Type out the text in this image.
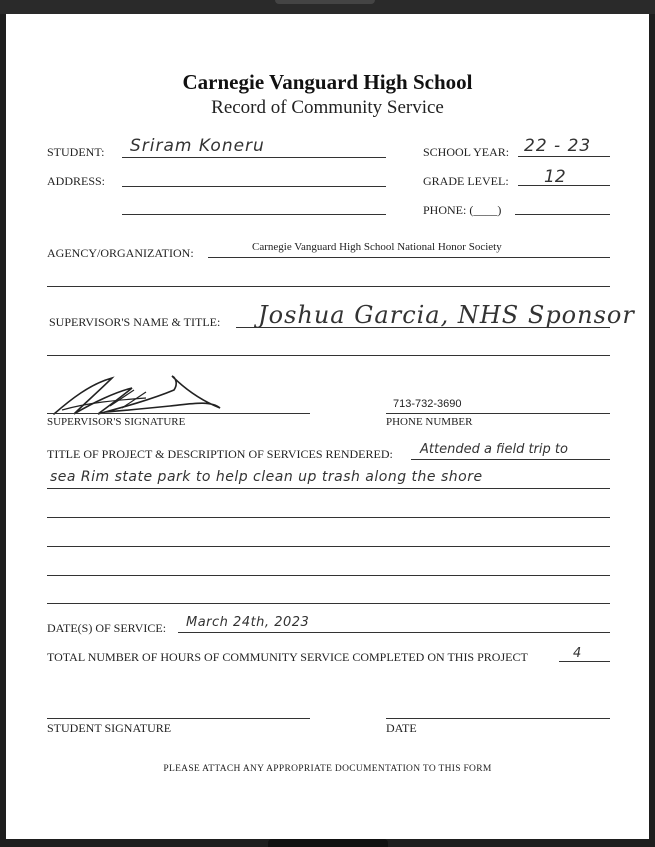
Carnegie Vanguard High School
Record of Community Service
STUDENT: Sriram Koneru	SCHOOL YEAR: 22 - 23
ADDRESS:	GRADE LEVEL: 12
PHONE: (____)
AGENCY/ORGANIZATION:	Carnegie Vanguard High School National Honor Society
SUPERVISOR'S NAME & TITLE: Joshua Garcia, NHS Sponsor
SUPERVISOR'S SIGNATURE
713-732-3690
PHONE NUMBER
TITLE OF PROJECT & DESCRIPTION OF SERVICES RENDERED: Attended a field trip to
sea Rim state park to help clean up trash along the shore
DATE(S) OF SERVICE: March 24th, 2023
TOTAL NUMBER OF HOURS OF COMMUNITY SERVICE COMPLETED ON THIS PROJECT	4
STUDENT SIGNATURE	DATE
PLEASE ATTACH ANY APPROPRIATE DOCUMENTATION TO THIS FORM
